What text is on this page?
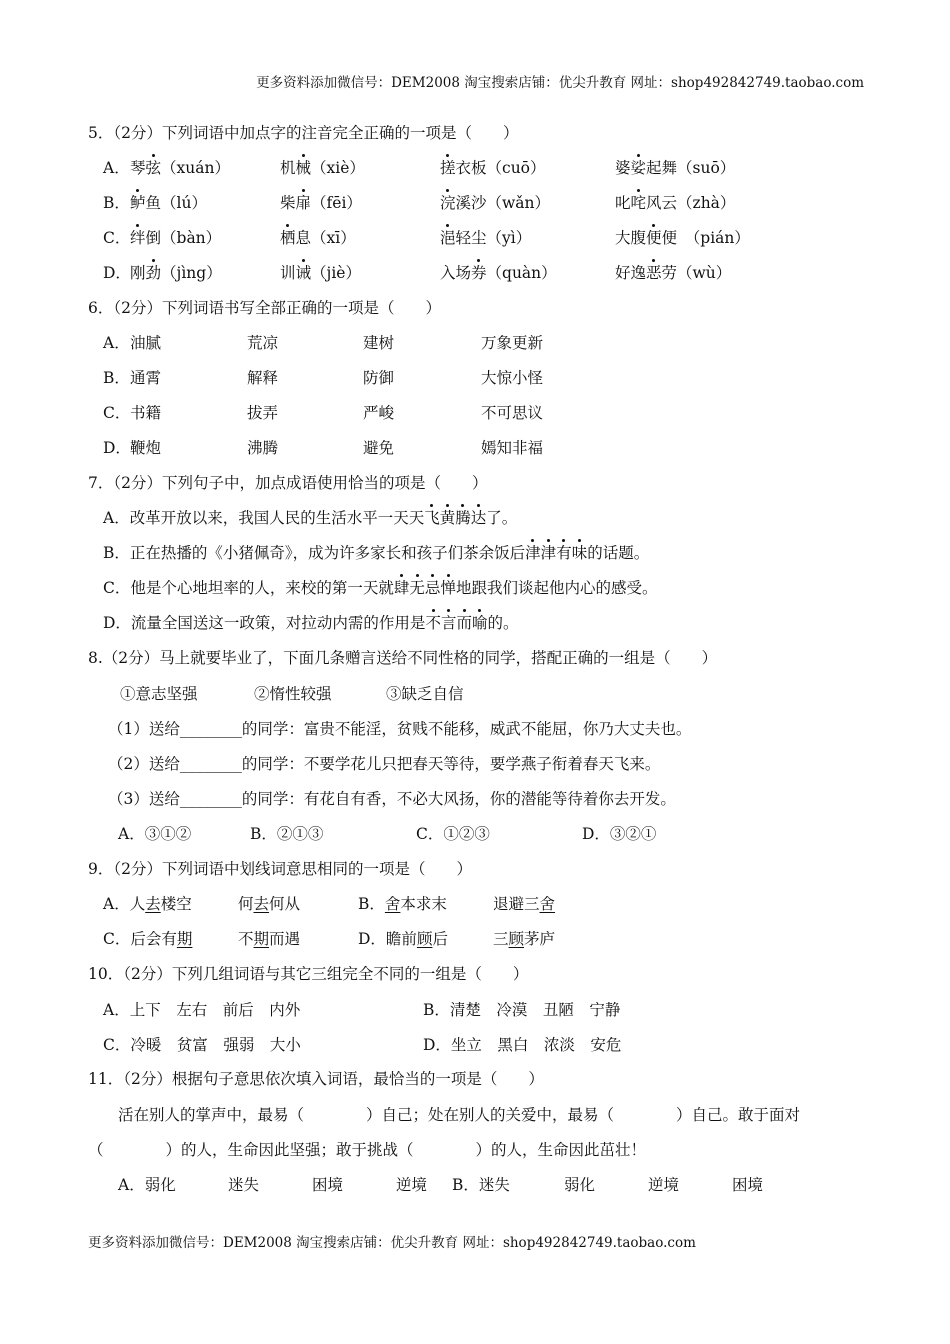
更多资料添加微信号：DEM2008 淘宝搜索店铺：优尖升教育 网址：shop492842749.taobao.com
5．（2分）下列词语中加点字的注音完全正确的一项是（　　）
A． 琴弦（xuán）	机械（xiè）	搓衣板（cuō）	婆娑起舞（suō）
B． 鲈鱼（lú）	柴扉（fēi）	浣溪沙（wǎn）	叱咤风云（zhà）
C． 绊倒（bàn）	栖息（xī）	浥轻尘（yì）	大腹便便　（pián）
D． 刚劲（jìng）	训诫（jiè）	入场券（quàn）	好逸恶劳（wù）
6．（2分）下列词语书写全部正确的一项是（　　）
A． 油腻	荒凉	建树	万象更新
B． 通霄	解释	防御	大惊小怪
C． 书籍	拔弄	严峻	不可思议
D． 鞭炮	沸腾	避免	嫣知非福
7．（2分）下列句子中，加点成语使用恰当的项是（　　）
A．改革开放以来，我国人民的生活水平一天天飞黄腾达了。
B．正在热播的《小猪佩奇》，成为许多家长和孩子们茶余饭后津津有味的话题。
C．他是个心地坦率的人，来校的第一天就肆无忌惮地跟我们谈起他内心的感受。
D．流量全国送这一政策，对拉动内需的作用是不言而喻的。
8.（2分）马上就要毕业了，下面几条赠言送给不同性格的同学，搭配正确的一组是（　　）
①意志坚强	②惰性较强	③缺乏自信
（1）送给________的同学：富贵不能淫，贫贱不能移，威武不能屈，你乃大丈夫也。
（2）送给________的同学：不要学花儿只把春天等待，要学燕子衔着春天飞来。
（3）送给________的同学：有花自有香，不必大风扬，你的潜能等待着你去开发。
A．③①②	B．②①③	C．①②③	D．③②①
9．（2分）下列词语中划线词意思相同的一项是（　　）
A．人去楼空	何去何从	B．舍本求末	退避三舍
C．后会有期	不期而遇	D．瞻前顾后	三顾茅庐
10．（2分）下列几组词语与其它三组完全不同的一组是（　　）
A．上下　左右　前后　内外	B．清楚　冷漠　丑陋　宁静
C．冷暖　贫富　强弱　大小	D．坐立　黑白　浓淡　安危
11．（2分）根据句子意思依次填入词语，最恰当的一项是（　　）
活在别人的掌声中，最易（　　　　）自己；处在别人的关爱中，最易（　　　　）自己。敢于面对
（　　　　）的人，生命因此坚强；敢于挑战（　　　　）的人，生命因此茁壮！
A．弱化	迷失	困境	逆境 B．迷失	弱化	逆境	困境
更多资料添加微信号：DEM2008 淘宝搜索店铺：优尖升教育 网址：shop492842749.taobao.com
